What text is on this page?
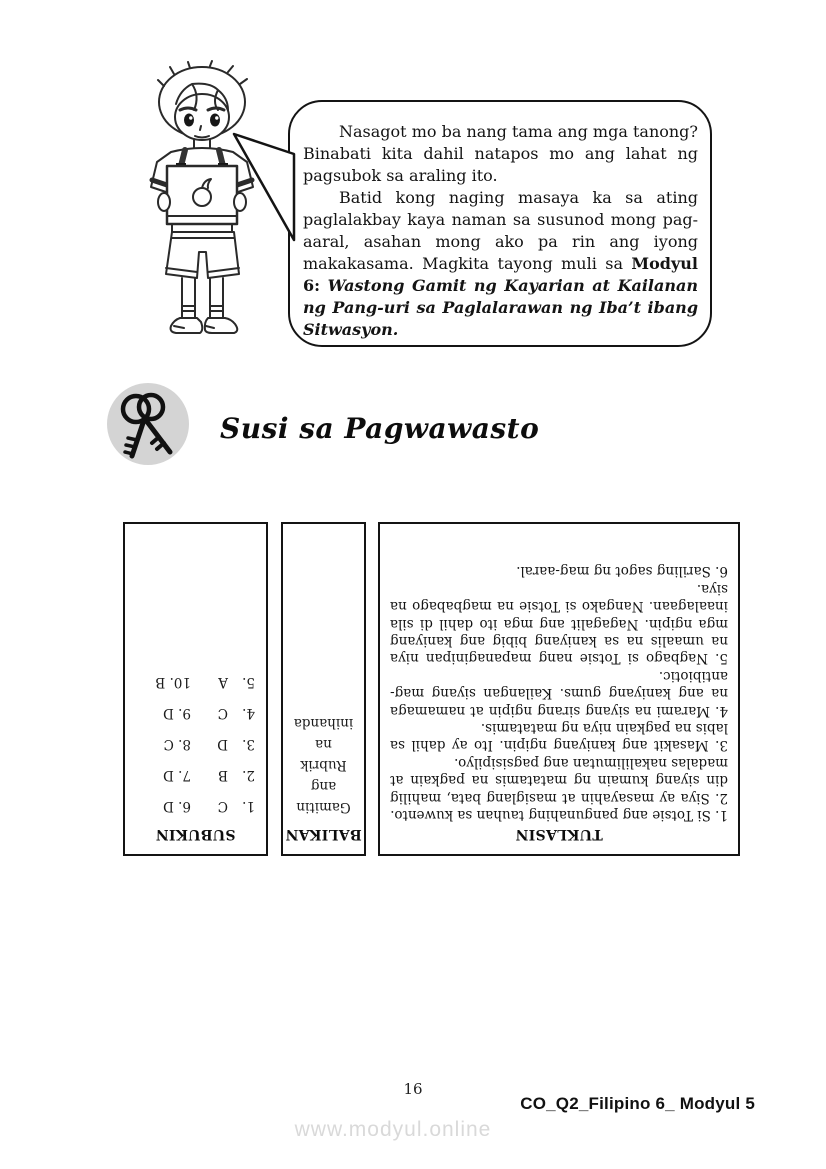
Nasagot mo ba nang tama ang mga tanong? Binabati kita dahil natapos mo ang lahat ng pagsubok sa araling ito.

Batid kong naging masaya ka sa ating paglalakbay kaya naman sa susunod mong pag-aaral, asahan mong ako pa rin ang iyong makakasama. Magkita tayong muli sa Modyul 6: Wastong Gamit ng Kayarian at Kailanan ng Pang-uri sa Paglalarawan ng Iba’t ibang Sitwasyon.

Susi sa Pagwawasto
SUBUKIN
1.
C
6. D
2.
B
7. D
3.
D
8. C
4.
C
9. D
5.
A
10. B
BALIKAN
Gamitin
ang
Rubrik
na
inihanda
TUKLASIN

1. Si Totsie ang pangunahing tauhan sa kuwento.

2. Siya ay masayahin at masiglang bata, mahilig din siyang kumain ng matatamis na pagkain at madalas nakalilimutan ang pagsisipilyo.

3. Masakit ang kaniyang ngipin. Ito ay dahil sa labis na pagkain niya ng matatamis.

4. Marami na siyang sirang ngipin at namamaga na ang kaniyang gums. Kailangan siyang mag-antibiotic.

5. Nagbago si Totsie nang mapanaginipan niya na umaalis na sa kaniyang bibig ang kaniyang mga ngipin. Nagagalit ang mga ito dahil di sila inaalagaan. Nangako si Totsie na magbabago na siya.

6. Sariling sagot ng mag-aaral.

16
CO_Q2_Filipino 6_ Modyul 5
www.modyul.online
